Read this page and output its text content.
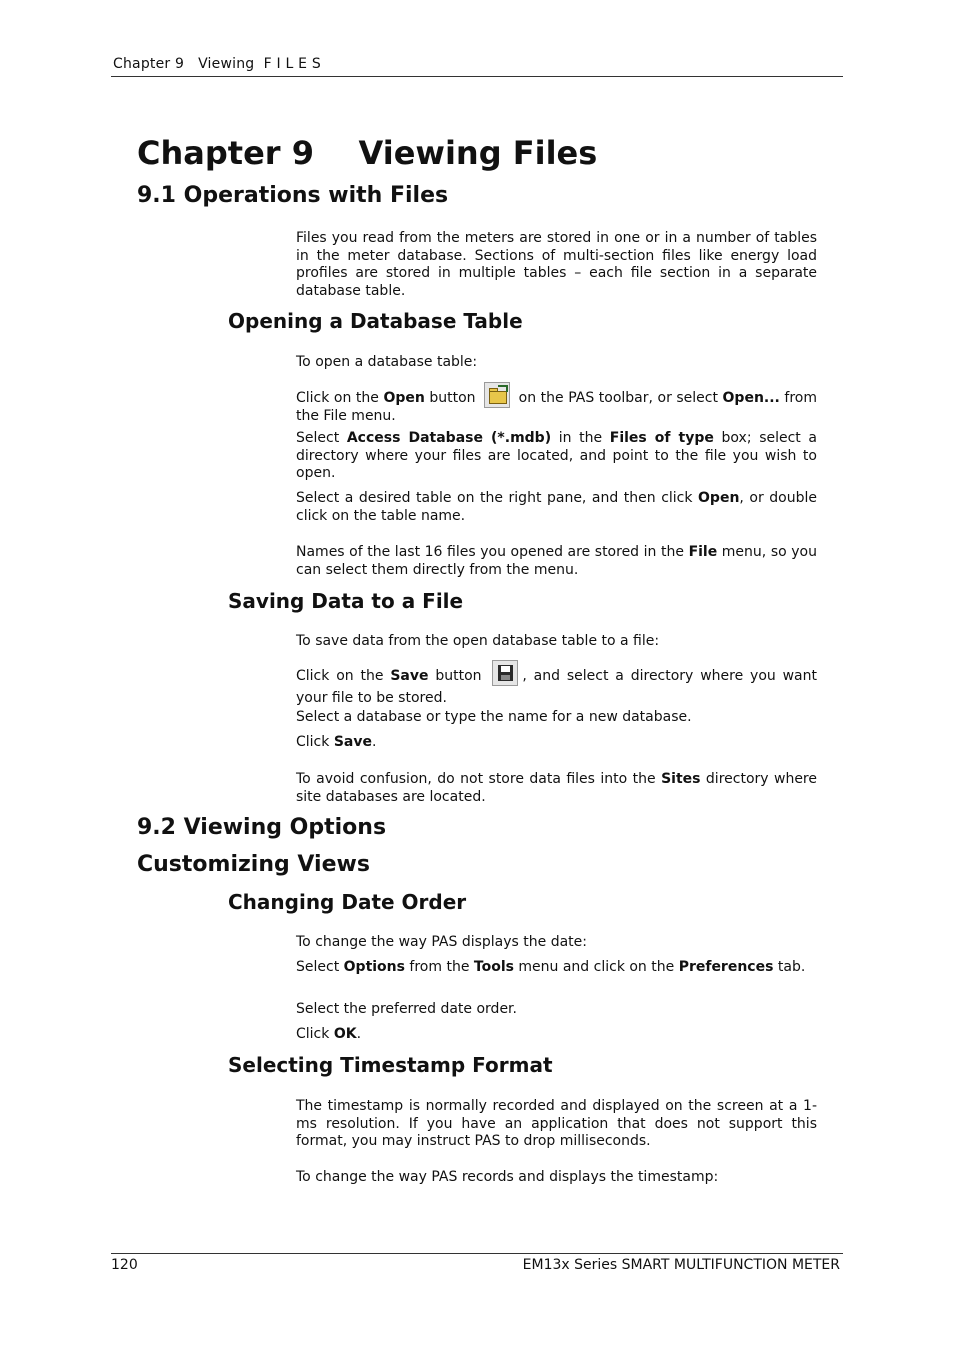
Chapter 9   Viewing  F I L E S
Chapter 9    Viewing Files
9.1 Operations with Files
Files you read from the meters are stored in one or in a number of tables in the meter database. Sections of multi-section files like energy load profiles are stored in multiple tables – each file section in a separate database table.
Opening a Database Table
To open a database table:
Click on the Open button
on the PAS toolbar, or select Open... from the File menu.
Select Access Database (*.mdb) in the Files of type box; select a directory where your files are located, and point to the file you wish to open.
Select a desired table on the right pane, and then click Open, or double click on the table name.
Names of the last 16 files you opened are stored in the File menu, so you can select them directly from the menu.
Saving Data to a File
To save data from the open database table to a file:
Click on the Save button
, and select a directory where you want your file to be stored.
Select a database or type the name for a new database.
Click Save.
To avoid confusion, do not store data files into the Sites directory where site databases are located.
9.2 Viewing Options
Customizing Views
Changing Date Order
To change the way PAS displays the date:
Select Options from the Tools menu and click on the Preferences tab.
Select the preferred date order.
Click OK.
Selecting Timestamp Format
The timestamp is normally recorded and displayed on the screen at a 1-ms resolution. If you have an application that does not support this format, you may instruct PAS to drop milliseconds.
To change the way PAS records and displays the timestamp:
120	EM13x Series SMART MULTIFUNCTION METER
